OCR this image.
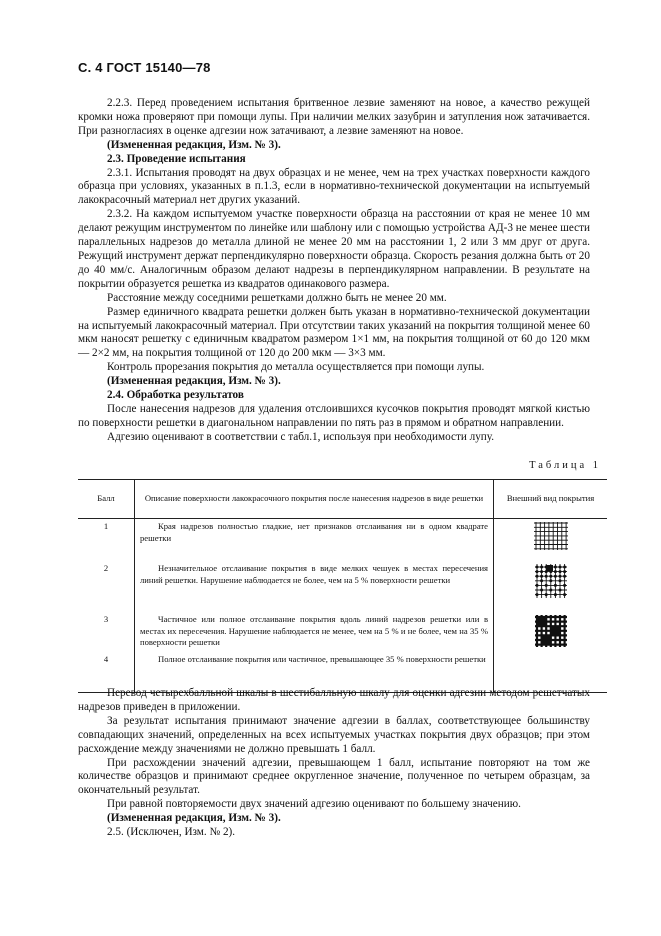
С. 4 ГОСТ 15140—78

2.2.3. Перед проведением испытания бритвенное лезвие заменяют на новое, а качество режущей кромки ножа проверяют при помощи лупы. При наличии мелких зазубрин и затупления нож затачивается. При разногласиях в оценке адгезии нож затачивают, а лезвие заменяют на новое.

(Измененная редакция, Изм. № 3).

2.3. Проведение испытания

2.3.1. Испытания проводят на двух образцах и не менее, чем на трех участках поверхности каждого образца при условиях, указанных в п.1.3, если в нормативно-технической документации на испытуемый лакокрасочный материал нет других указаний.

2.3.2. На каждом испытуемом участке поверхности образца на расстоянии от края не менее 10 мм делают режущим инструментом по линейке или шаблону или с помощью устройства АД-3 не менее шести параллельных надрезов до металла длиной не менее 20 мм на расстоянии 1, 2 или 3 мм друг от друга. Режущий инструмент держат перпендикулярно поверхности образца. Скорость резания должна быть от 20 до 40 мм/с. Аналогичным образом делают надрезы в перпендикулярном направлении. В результате на покрытии образуется решетка из квадратов одинакового размера.

Расстояние между соседними решетками должно быть не менее 20 мм.

Размер единичного квадрата решетки должен быть указан в нормативно-технической документации на испытуемый лакокрасочный материал. При отсутствии таких указаний на покрытия толщиной менее 60 мкм наносят решетку с единичным квадратом размером 1×1 мм, на покрытия толщиной от 60 до 120 мкм — 2×2 мм, на покрытия толщиной от 120 до 200 мкм — 3×3 мм.

Контроль прорезания покрытия до металла осуществляется при помощи лупы.

(Измененная редакция, Изм. № 3).

2.4. Обработка результатов

После нанесения надрезов для удаления отслоившихся кусочков покрытия проводят мягкой кистью по поверхности решетки в диагональном направлении по пять раз в прямом и обратном направлении.

Адгезию оценивают в соответствии с табл.1, используя при необходимости лупу.

Таблица 1
Балл	Описание поверхности лакокрасочного покрытия после нанесения надрезов в виде решетки	Внешний вид покрытия
1	Края надрезов полностью гладкие, нет признаков отслаивания ни в одном квадрате решетки

2	Незначительное отслаивание покрытия в виде мелких чешуек в местах пересечения линий решетки. Нарушение наблюдается не более, чем на 5 % поверхности решетки

3	Частичное или полное отслаивание покрытия вдоль линий надрезов решетки или в местах их пересечения. Нарушение наблюдается не менее, чем на 5 % и не более, чем на 35 % поверхности решетки

4	Полное отслаивание покрытия или частичное, превышающее 35 % поверхности решетки	

Перевод четырехбалльной шкалы в шестибалльную шкалу для оценки адгезии методом решетчатых надрезов приведен в приложении.

За результат испытания принимают значение адгезии в баллах, соответствующее большинству совпадающих значений, определенных на всех испытуемых участках покрытия двух образцов; при этом расхождение между значениями не должно превышать 1 балл.

При расхождении значений адгезии, превышающем 1 балл, испытание повторяют на том же количестве образцов и принимают среднее округленное значение, полученное по четырем образцам, за окончательный результат.

При равной повторяемости двух значений адгезию оценивают по большему значению.

(Измененная редакция, Изм. № 3).

2.5. (Исключен, Изм. № 2).
